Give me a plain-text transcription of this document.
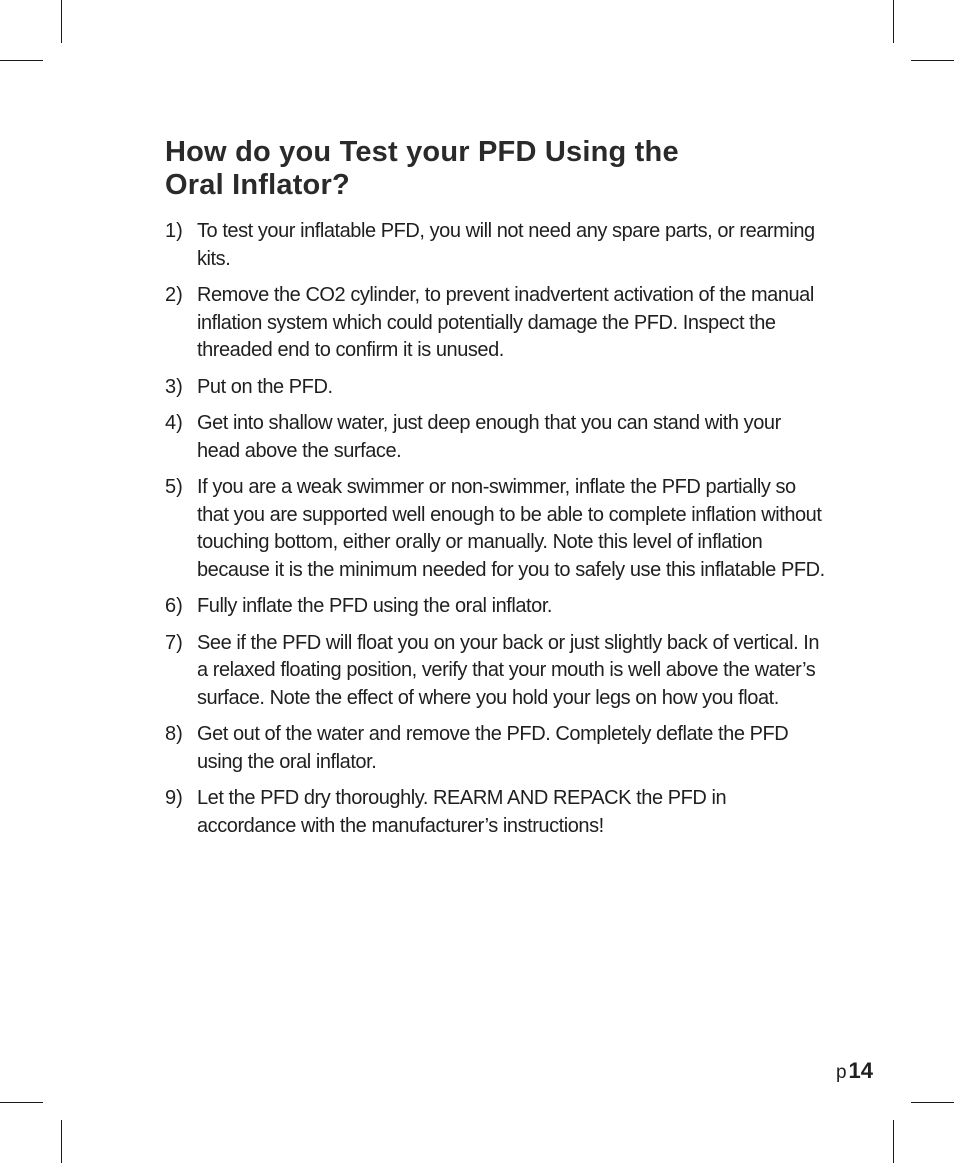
How do you Test your PFD Using the
Oral Inflator?
1) To test your inflatable PFD, you will not need any spare parts, or rearming kits.
2) Remove the CO2 cylinder, to prevent inadvertent activation of the manual inflation system which could potentially damage the PFD. Inspect the threaded end to confirm it is unused.
3) Put on the PFD.
4) Get into shallow water, just deep enough that you can stand with your head above the surface.
5) If you are a weak swimmer or non-swimmer, inflate the PFD partially so that you are supported well enough to be able to complete inflation without touching bottom, either orally or manually. Note this level of inflation because it is the minimum needed for you to safely use this inflatable PFD.
6) Fully inflate the PFD using the oral inflator.
7) See if the PFD will float you on your back or just slightly back of vertical. In a relaxed floating position, verify that your mouth is well above the water’s surface. Note the effect of where you hold your legs on how you float.
8) Get out of the water and remove the PFD. Completely deflate the PFD using the oral inflator.
9) Let the PFD dry thoroughly. REARM AND REPACK the PFD in accordance with the manufacturer’s instructions!
p14
